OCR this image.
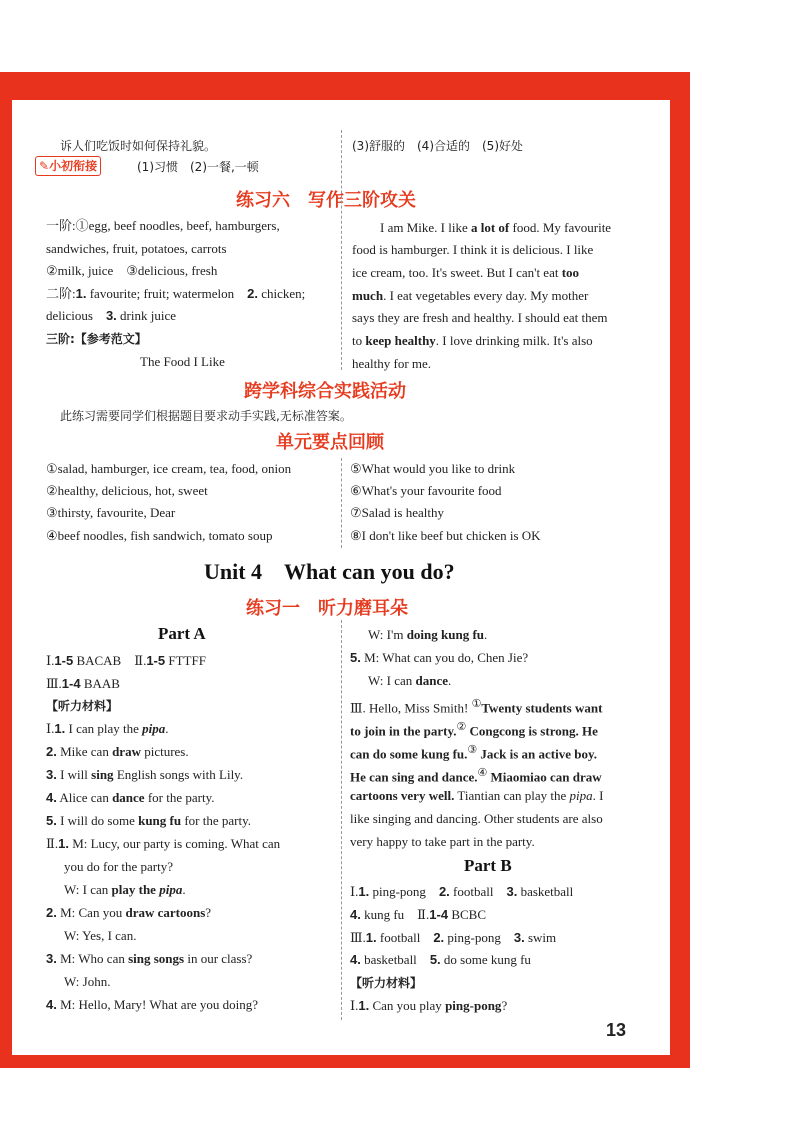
诉人们吃饭时如何保持礼貌。	(3)舒服的　(4)合适的　(5)好处
✎小初衔接	(1)习惯　(2)一餐,一顿
练习六　写作三阶攻关
一阶:①egg, beef noodles, beef, hamburgers,
sandwiches, fruit, potatoes, carrots
②milk, juice　③delicious, fresh
二阶:1. favourite; fruit; watermelon　2. chicken;
delicious　3. drink juice
三阶:【参考范文】
The Food I Like
I am Mike. I like a lot of food. My favourite
food is hamburger. I think it is delicious. I like
ice cream, too. It's sweet. But I can't eat too
much. I eat vegetables every day. My mother
says they are fresh and healthy. I should eat them
to keep healthy. I love drinking milk. It's also
healthy for me.
跨学科综合实践活动
此练习需要同学们根据题目要求动手实践,无标准答案。
单元要点回顾
①salad, hamburger, ice cream, tea, food, onion
②healthy, delicious, hot, sweet
③thirsty, favourite, Dear
④beef noodles, fish sandwich, tomato soup
⑤What would you like to drink
⑥What's your favourite food
⑦Salad is healthy
⑧I don't like beef but chicken is OK
Unit 4　What can you do?
练习一　听力磨耳朵
Part A
Ⅰ.1-5 BACAB　Ⅱ.1-5 FTTFF
Ⅲ.1-4 BAAB
【听力材料】
Ⅰ.1. I can play the pipa.
2. Mike can draw pictures.
3. I will sing English songs with Lily.
4. Alice can dance for the party.
5. I will do some kung fu for the party.
Ⅱ.1. M: Lucy, our party is coming. What can
you do for the party?
W: I can play the pipa.
2. M: Can you draw cartoons?
W: Yes, I can.
3. M: Who can sing songs in our class?
W: John.
4. M: Hello, Mary! What are you doing?
W: I'm doing kung fu.
5. M: What can you do, Chen Jie?
W: I can dance.
Ⅲ. Hello, Miss Smith! ①Twenty students want
to join in the party.② Congcong is strong. He
can do some kung fu.③ Jack is an active boy.
He can sing and dance.④ Miaomiao can draw
cartoons very well. Tiantian can play the pipa. I
like singing and dancing. Other students are also
very happy to take part in the party.
Part B
Ⅰ.1. ping-pong　2. football　3. basketball
4. kung fu　Ⅱ.1-4 BCBC
Ⅲ.1. football　2. ping-pong　3. swim
4. basketball　5. do some kung fu
【听力材料】
Ⅰ.1. Can you play ping-pong?
13
